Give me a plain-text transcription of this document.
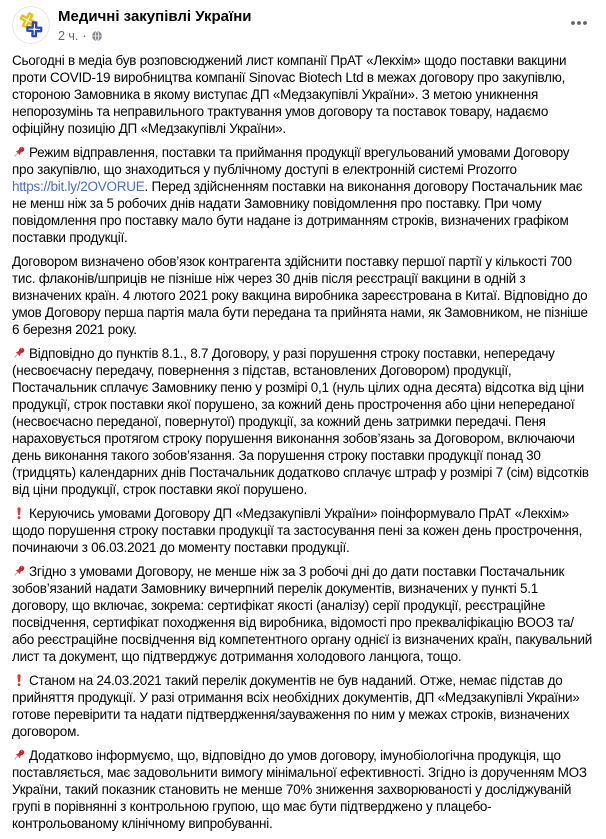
Медичні закупівлі України
2 ч. ·

Сьогодні в медіа був розповсюджений лист компанії ПрАТ «Лекхім» щодо поставки вакцини проти COVID-19 виробництва компанії Sinovac Biotech Ltd в межах договору про закупівлю, стороною Замовника в якому виступає ДП «Медзакупівлі України». З метою уникнення непорозумінь та неправильного трактування умов договору та поставок товару, надаємо офіційну позицію ДП «Медзакупівлі України».

Режим відправлення, поставки та приймання продукції врегульований умовами Договору про закупівлю, що знаходиться у публічному доступі в електронній системі Prozorro https://bit.ly/2OVORUE. Перед здійсненням поставки на виконання договору Постачальник має не менш ніж за 5 робочих днів надати Замовнику повідомлення про поставку. При чому повідомлення про поставку мало бути надане із дотриманням строків, визначених графіком поставки продукції.

Договором визначено обов’язок контрагента здійснити поставку першої партії у кількості 700 тис. флаконів/шприців не пізніше ніж через 30 днів після реєстрації вакцини в одній з визначених країн. 4 лютого 2021 року вакцина виробника зареєстрована в Китаї. Відповідно до умов Договору перша партія мала бути передана та прийнята нами, як Замовником, не пізніше 6 березня 2021 року.

Відповідно до пунктів 8.1., 8.7 Договору, у разі порушення строку поставки, непередачу (несвоєчасну передачу, повернення з підстав, встановлених Договором) продукції, Постачальник сплачує Замовнику пеню у розмірі 0,1 (нуль цілих одна десята) відсотка від ціни продукції, строк поставки якої порушено, за кожний день прострочення або ціни непереданої (несвоєчасно переданої, повернутої) продукції, за кожний день затримки передачі. Пеня нараховується протягом строку порушення виконання зобов’язань за Договором, включаючи день виконання такого зобов’язання. За порушення строку поставки продукції понад 30 (тридцять) календарних днів Постачальник додатково сплачує штраф у розмірі 7 (сім) відсотків від ціни продукції, строк поставки якої порушено.

Керуючись умовами Договору ДП «Медзакупівлі України» поінформувало ПрАТ «Лекхім» щодо порушення строку поставки продукції та застосування пені за кожен день прострочення, починаючи з 06.03.2021 до моменту поставки продукції.

Згідно з умовами Договору, не менше ніж за 3 робочі дні до дати поставки Постачальник зобов’язаний надати Замовнику вичерпний перелік документів, визначених у пункті 5.1 договору, що включає, зокрема: сертифікат якості (аналізу) серії продукції, реєстраційне посвідчення, сертифікат походження від виробника, відомості про прекваліфікацію ВООЗ та/або реєстраційне посвідчення від компетентного органу однієї із визначених країн, пакувальний лист та документ, що підтверджує дотримання холодового ланцюга, тощо.

Станом на 24.03.2021 такий перелік документів не був наданий. Отже, немає підстав до прийняття продукції. У разі отримання всіх необхідних документів, ДП «Медзакупівлі України» готове перевірити та надати підтвердження/зауваження по ним у межах строків, визначених договором.

Додатково інформуємо, що, відповідно до умов договору, імунобіологічна продукція, що поставляється, має задовольнити вимогу мінімальної ефективності. Згідно із дорученням МОЗ України, такий показник становить не менше 70% зниження захворюваності у досліджуваній групі в порівнянні з контрольною групою, що має бути підтверджено у плацебо-контрольованому клінічному випробуванні.
